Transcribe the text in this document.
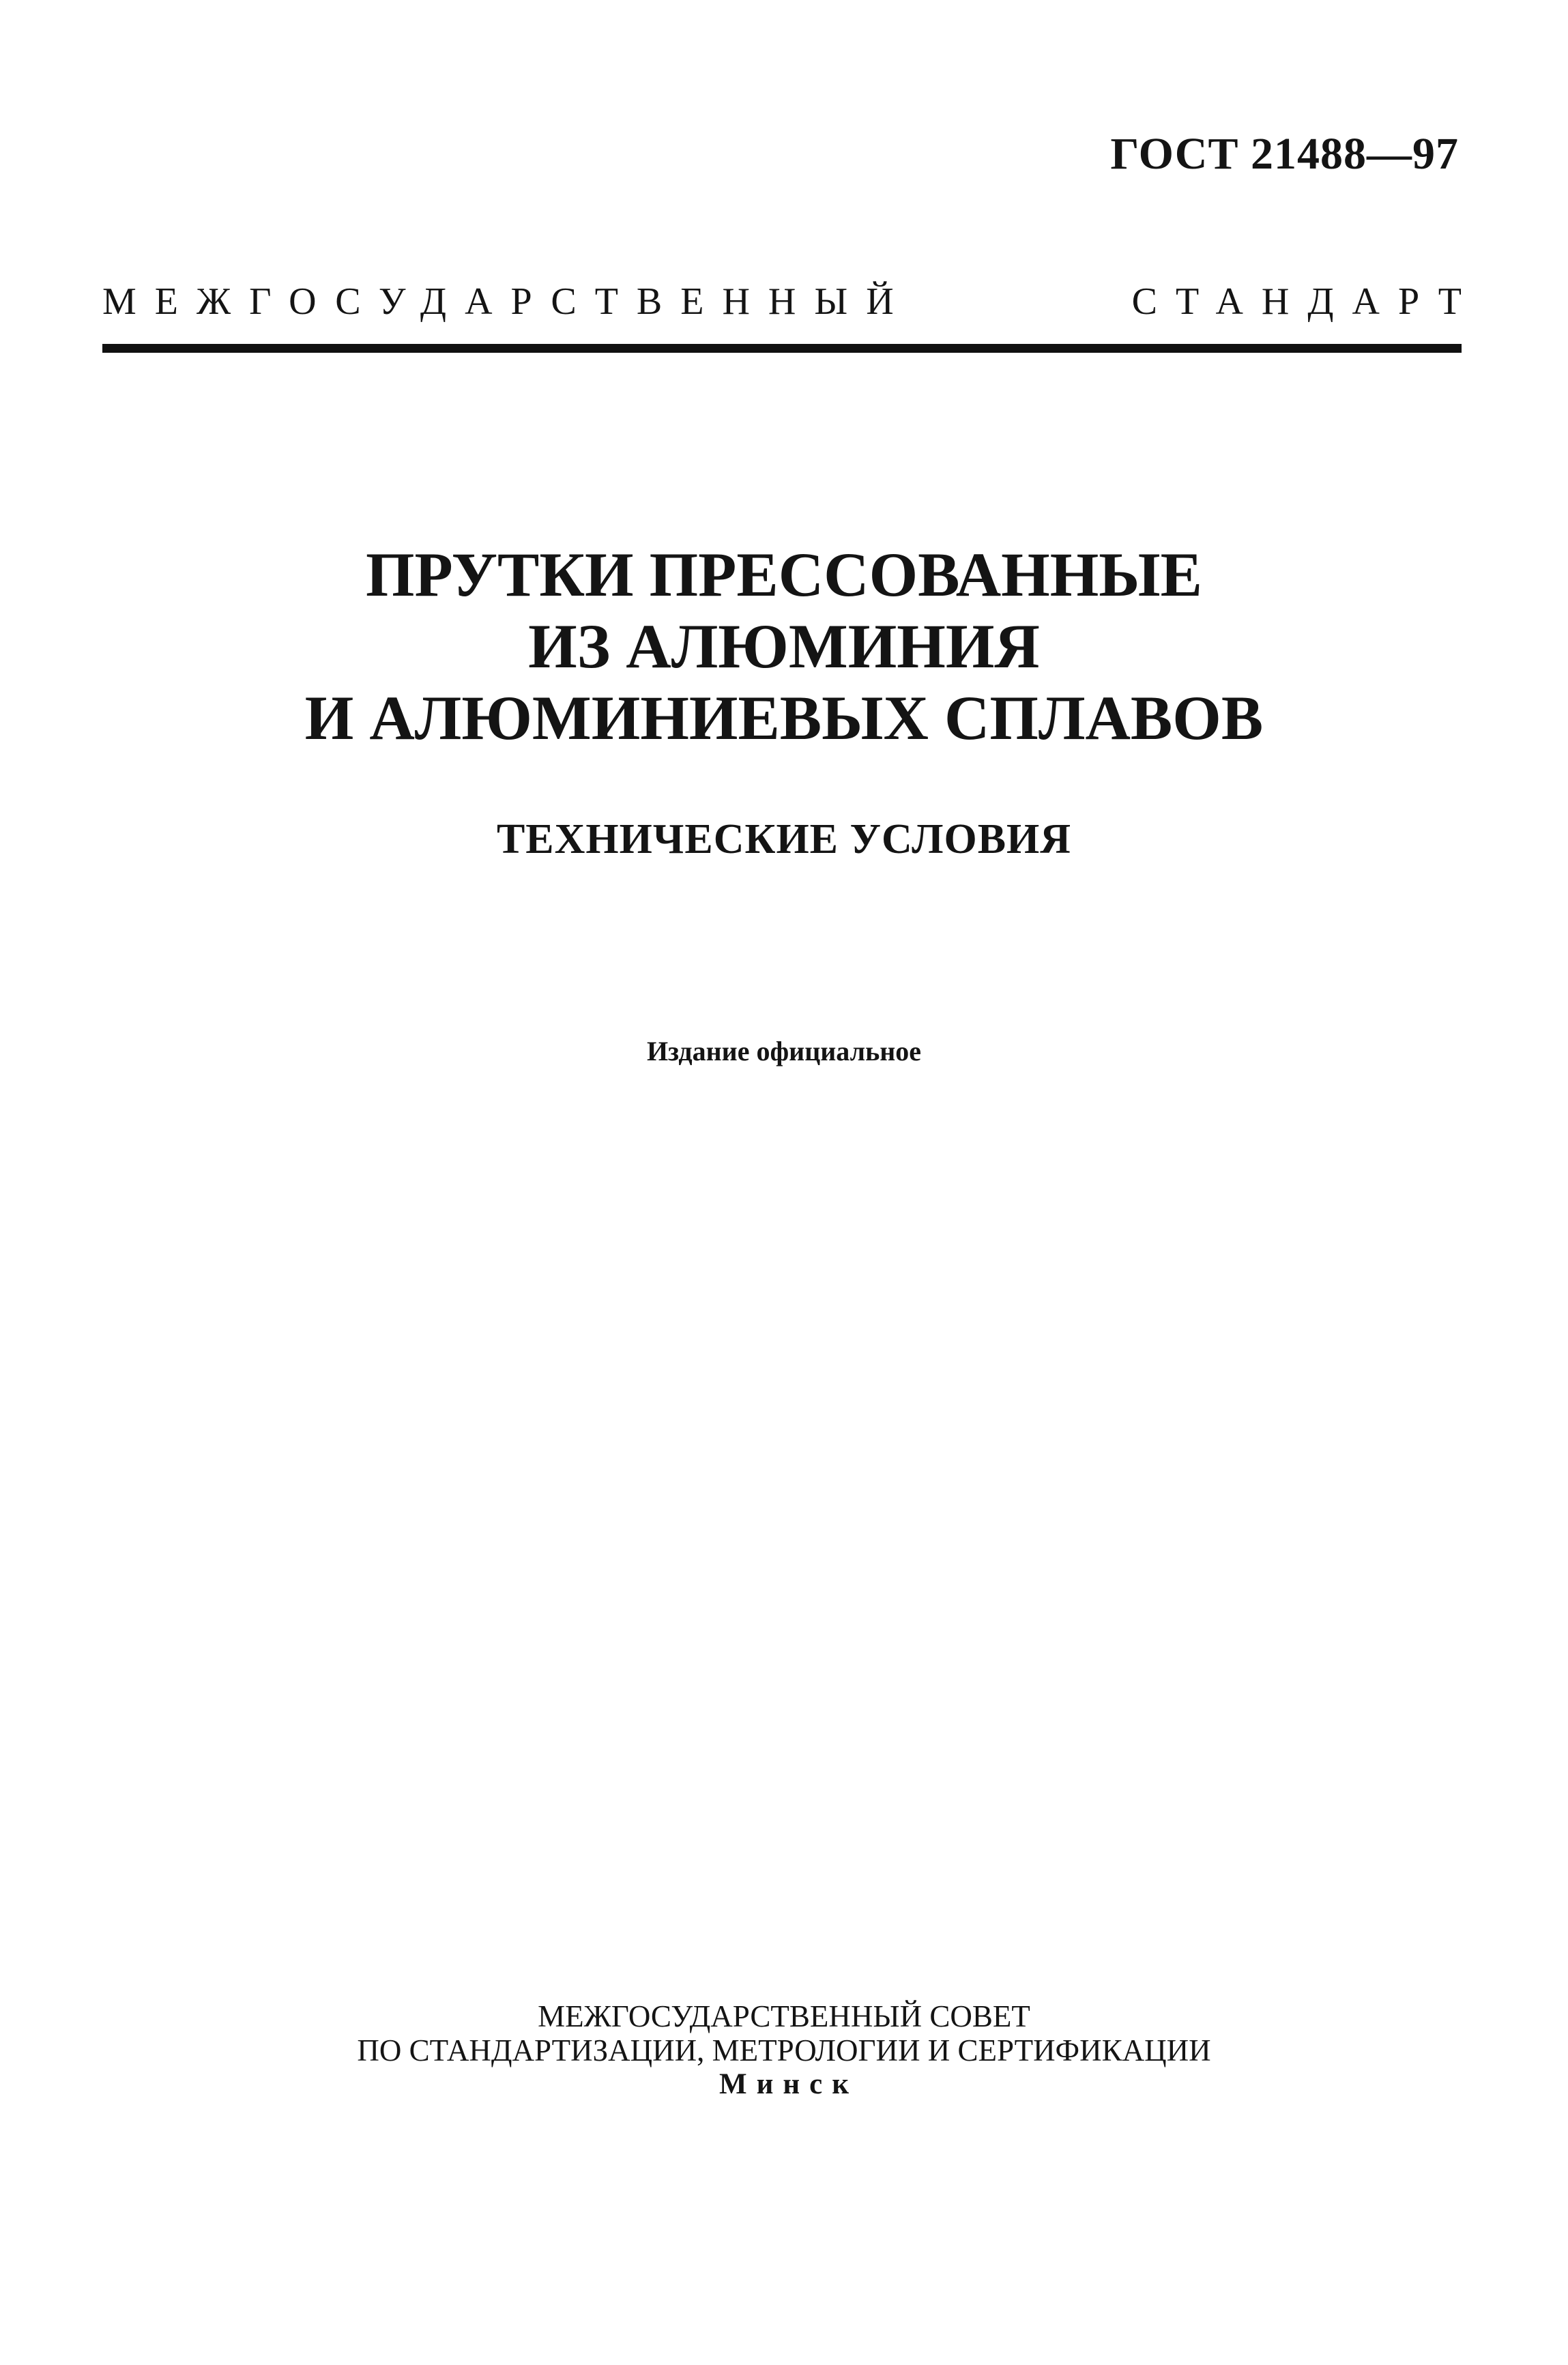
ГОСТ 21488—97
МЕЖГОСУДАРСТВЕННЫЙ	СТАНДАРТ
ПРУТКИ ПРЕССОВАННЫЕ
ИЗ АЛЮМИНИЯ
И АЛЮМИНИЕВЫХ СПЛАВОВ
ТЕХНИЧЕСКИЕ УСЛОВИЯ
Издание официальное
МЕЖГОСУДАРСТВЕННЫЙ СОВЕТ
ПО СТАНДАРТИЗАЦИИ, МЕТРОЛОГИИ И СЕРТИФИКАЦИИ
Минск
